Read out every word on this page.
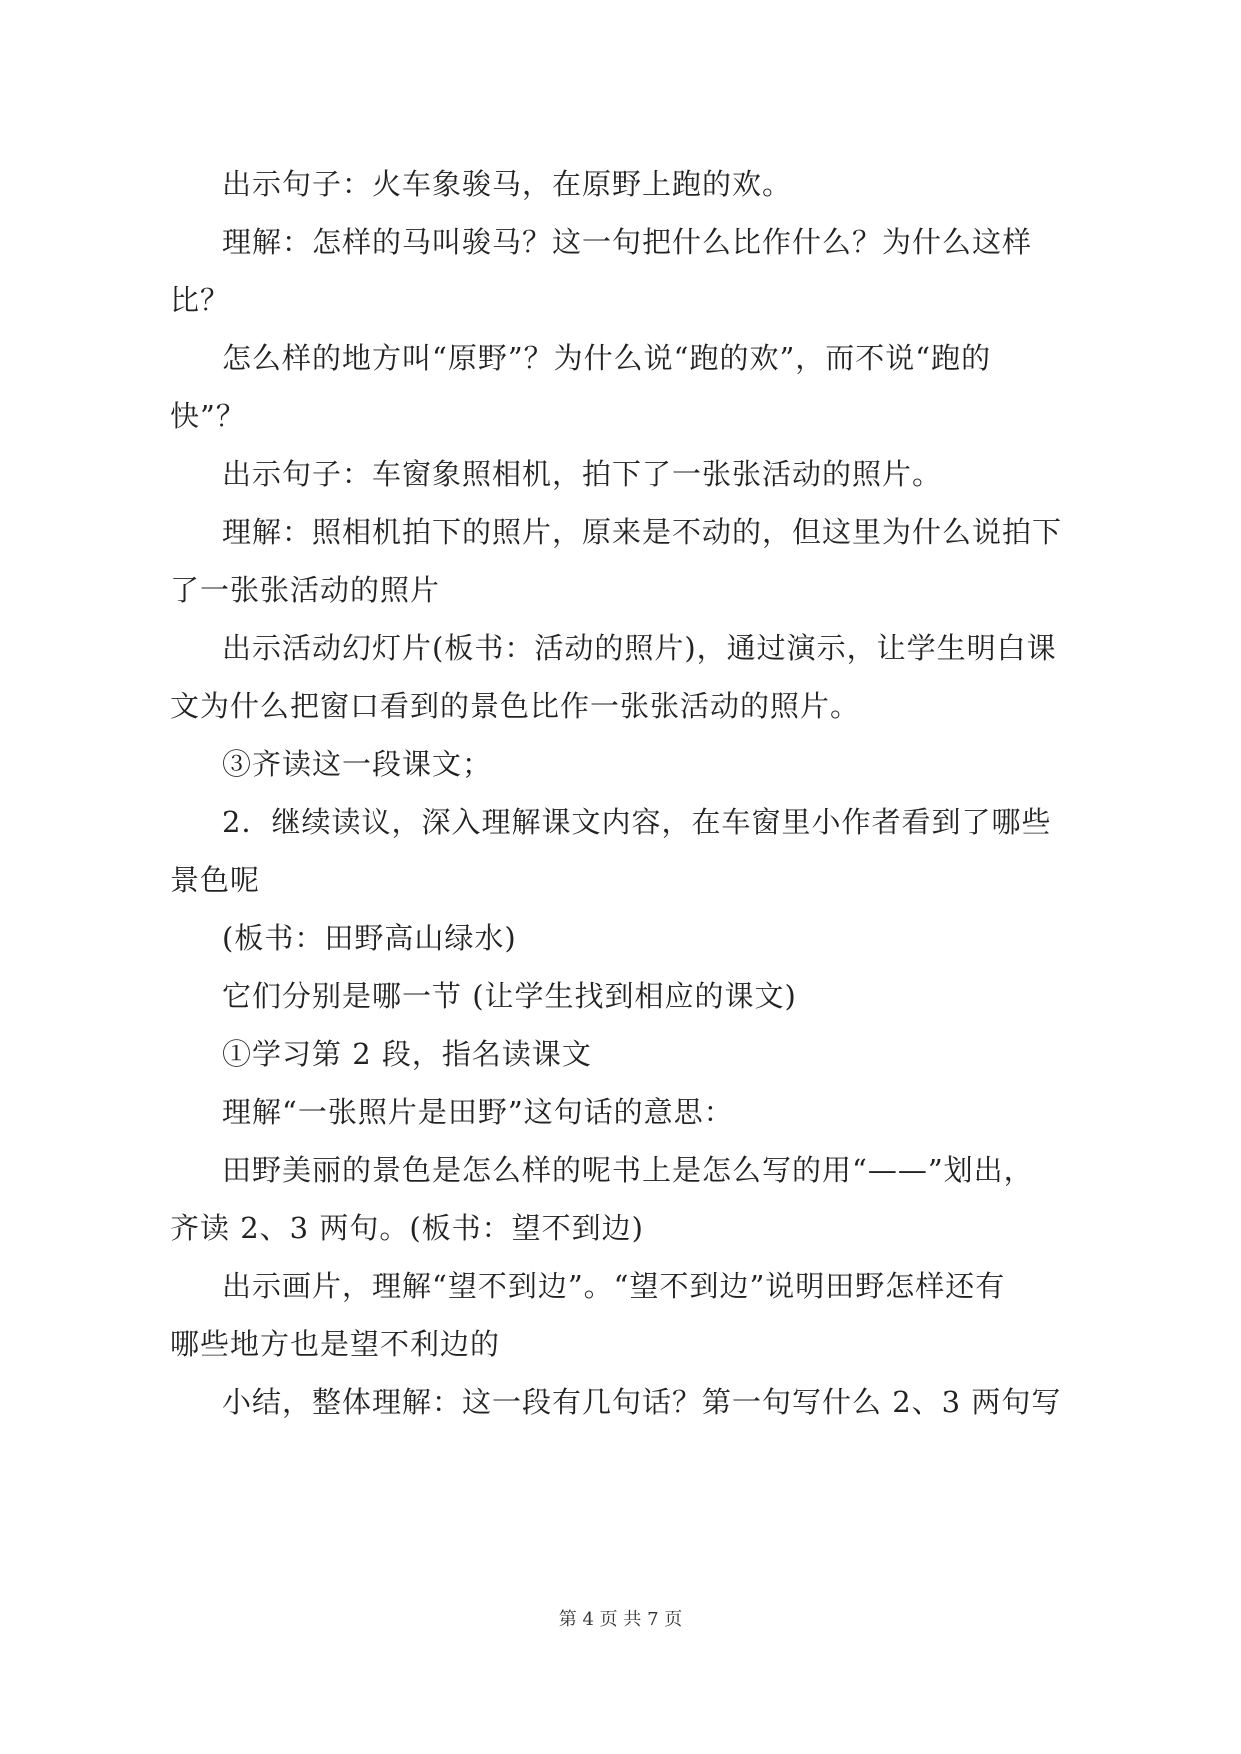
出示句子：火车象骏马，在原野上跑的欢。
理解：怎样的马叫骏马？这一句把什么比作什么？为什么这样
比？
怎么样的地方叫“原野”？为什么说“跑的欢”，而不说“跑的
快”？
出示句子：车窗象照相机，拍下了一张张活动的照片。
理解：照相机拍下的照片，原来是不动的，但这里为什么说拍下
了一张张活动的照片
出示活动幻灯片(板书：活动的照片)，通过演示，让学生明白课
文为什么把窗口看到的景色比作一张张活动的照片。
③齐读这一段课文；
2．继续读议，深入理解课文内容，在车窗里小作者看到了哪些
景色呢
(板书：田野高山绿水)
它们分别是哪一节 (让学生找到相应的课文)
①学习第 2 段，指名读课文
理解“一张照片是田野”这句话的意思：
田野美丽的景色是怎么样的呢书上是怎么写的用“——”划出，
齐读 2、3 两句。(板书：望不到边)
出示画片，理解“望不到边”。“望不到边”说明田野怎样还有
哪些地方也是望不利边的
小结，整体理解：这一段有几句话？第一句写什么 2、3 两句写
第 4 页 共 7 页
